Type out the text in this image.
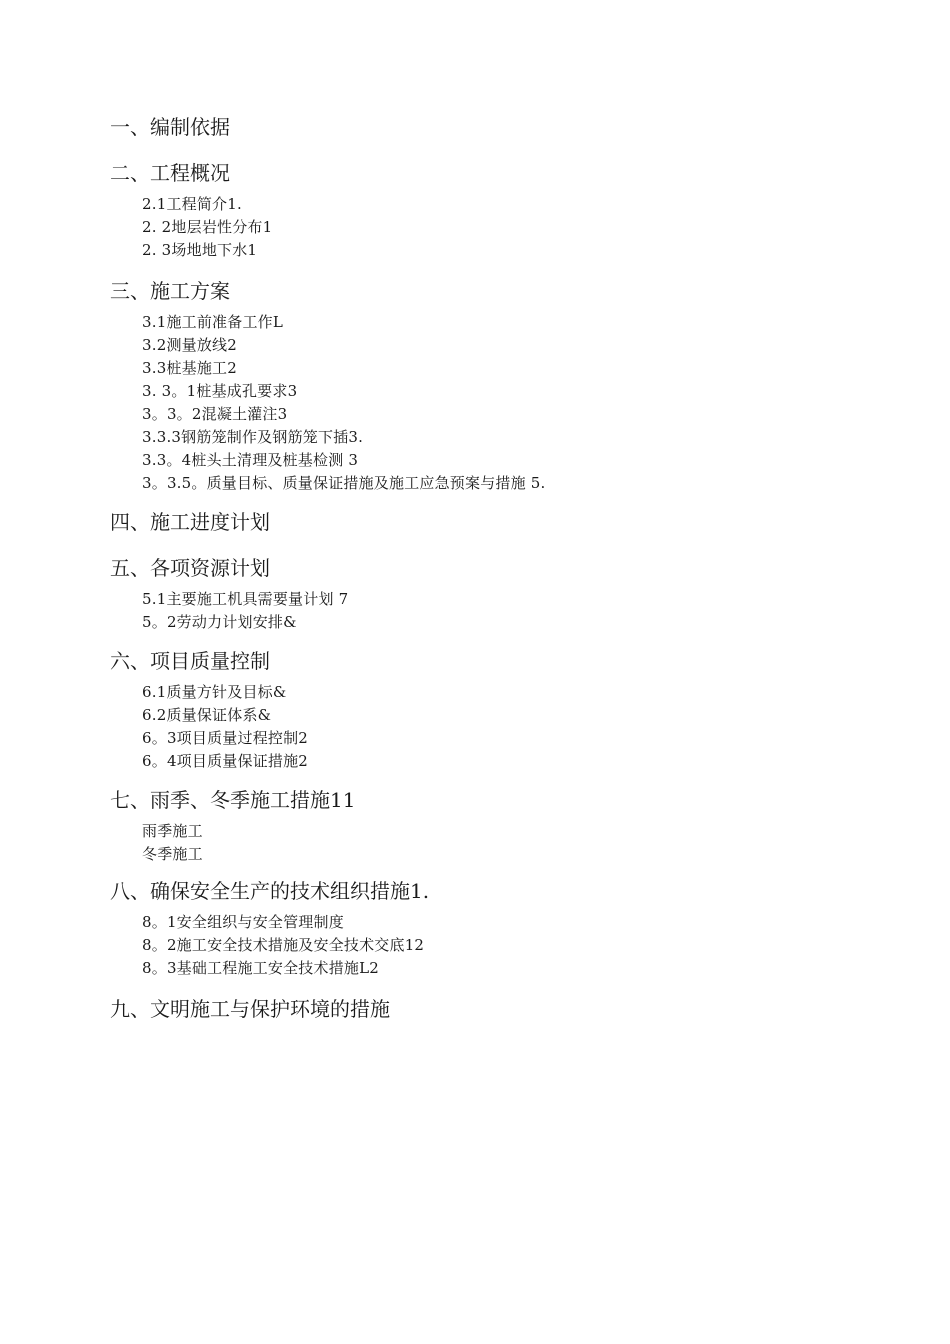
一、编制依据
二、工程概况
2.1工程简介1.
2. 2地层岩性分布1
2. 3场地地下水1
三、施工方案
3.1施工前准备工作L
3.2测量放线2
3.3桩基施工2
3. 3。1桩基成孔要求3
3。3。2混凝土灌注3
3.3.3钢筋笼制作及钢筋笼下插3.
3.3。4桩头土清理及桩基检测 3
3。3.5。质量目标、质量保证措施及施工应急预案与措施 5.
四、施工进度计划
五、各项资源计划
5.1主要施工机具需要量计划 7
5。2劳动力计划安排&
六、项目质量控制
6.1质量方针及目标&
6.2质量保证体系&
6。3项目质量过程控制2
6。4项目质量保证措施2
七、雨季、冬季施工措施11
雨季施工
冬季施工
八、确保安全生产的技术组织措施1.
8。1安全组织与安全管理制度
8。2施工安全技术措施及安全技术交底12
8。3基础工程施工安全技术措施L2
九、文明施工与保护环境的措施
